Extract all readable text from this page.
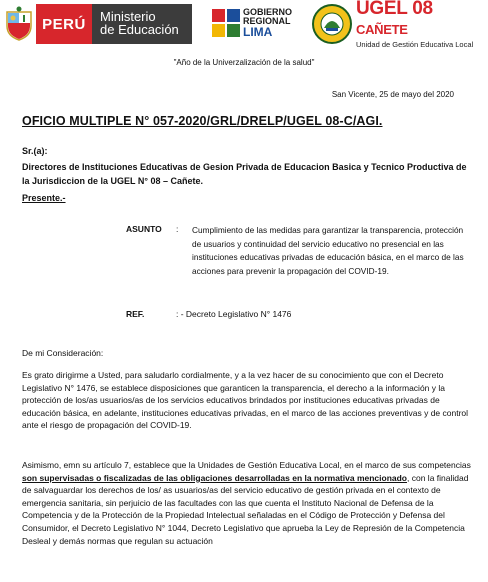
PERÚ	Ministerio
de Educación
GOBIERNO
REGIONAL
LIMA
UGEL 08 CAÑETE
Unidad de Gestión Educativa Local
"Año de la Univerzalización de la salud"
San Vicente, 25 de mayo del 2020
OFICIO MULTIPLE N° 057-2020/GRL/DRELP/UGEL 08-C/AGI.
Sr.(a):
Directores de Instituciones Educativas de Gesion Privada de Educacion Basica y Tecnico Productiva de la Jurisdiccion de la UGEL N° 08 – Cañete.
Presente.-
ASUNTO : Cumplimiento de las medidas para garantizar la transparencia, protección de usuarios y continuidad del servicio educativo no presencial en las instituciones educativas privadas de educación básica, en el marco de las acciones para prevenir la propagación del COVID-19.
REF.	: - Decreto Legislativo N° 1476
De mi Consideración:
Es grato dirigirme a Usted, para saludarlo cordialmente, y a la vez hacer de su conocimiento que con el Decreto Legislativo N° 1476, se establece disposiciones que garanticen la transparencia, el derecho a la información y la protección de los/as usuarios/as de los servicios educativos brindados por instituciones educativas privadas de educación básica, en adelante, instituciones educativas privadas, en el marco de las acciones preventivas y de control ante el riesgo de propagación del COVID-19.
Asimismo, emn su artículo 7, establece que la Unidades de Gestión Educativa Local, en el marco de sus competencias son supervisadas o fiscalizadas de las obligaciones desarrolladas en la normativa mencionado, con la finalidad de salvaguardar los derechos de los/ as usuarios/as del servicio educativo de gestión privada en el contexto de emergencia sanitaria, sin perjuicio de las facultades con las que cuenta el Instituto Nacional de Defensa de la Competencia y de la Protección de la Propiedad Intelectual señaladas en el Código de Protección y Defensa del Consumidor, el Decreto Legislativo N° 1044, Decreto Legislativo que aprueba la Ley de Represión de la Competencia Desleal y demás normas que regulan su actuación
